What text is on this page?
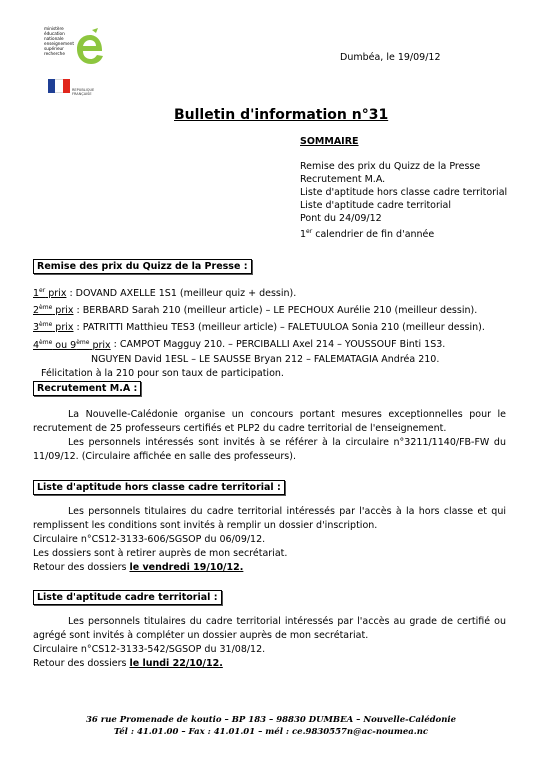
ministère
éducation
nationale
enseignement
supérieur
recherche
REPUBLIQUE FRANÇAISE
Dumbéa, le 19/09/12
Bulletin d'information n°31
SOMMAIRE
Remise des prix du Quizz de la Presse
Recrutement M.A.
Liste d'aptitude hors classe cadre territorial
Liste d'aptitude cadre territorial
Pont du 24/09/12
1er calendrier de fin d'année
Remise des prix du Quizz de la Presse :
1er prix : DOVAND AXELLE 1S1 (meilleur quiz + dessin).
2ème prix : BERBARD Sarah 210 (meilleur article) – LE PECHOUX Aurélie 210 (meilleur dessin).
3ème prix : PATRITTI Matthieu TES3 (meilleur article) – FALETUULOA Sonia 210 (meilleur dessin).
4ème ou 9ème prix : CAMPOT Magguy 210. – PERCIBALLI Axel 214 – YOUSSOUF Binti 1S3.
NGUYEN David 1ESL – LE SAUSSE Bryan 212 – FALEMATAGIA Andréa 210.
Félicitation à la 210 pour son taux de participation.
Recrutement M.A :
La Nouvelle-Calédonie organise un concours portant mesures exceptionnelles pour le recrutement de 25 professeurs certifiés et PLP2 du cadre territorial de l'enseignement.
Les personnels intéressés sont invités à se référer à la circulaire n°3211/1140/FB-FW du 11/09/12. (Circulaire affichée en salle des professeurs).
Liste d'aptitude hors classe cadre territorial :
Les personnels titulaires du cadre territorial intéressés par l'accès à la hors classe et qui remplissent les conditions sont invités à remplir un dossier d'inscription.
Circulaire n°CS12-3133-606/SGSOP du 06/09/12.
Les dossiers sont à retirer auprès de mon secrétariat.
Retour des dossiers le vendredi 19/10/12.
Liste d'aptitude cadre territorial :
Les personnels titulaires du cadre territorial intéressés par l'accès au grade de certifié ou agrégé sont invités à compléter un dossier auprès de mon secrétariat.
Circulaire n°CS12-3133-542/SGSOP du 31/08/12.
Retour des dossiers le lundi 22/10/12.
36 rue Promenade de koutio – BP 183 – 98830 DUMBEA – Nouvelle-Calédonie
Tél : 41.01.00 – Fax : 41.01.01 – mél : ce.9830557n@ac-noumea.nc
